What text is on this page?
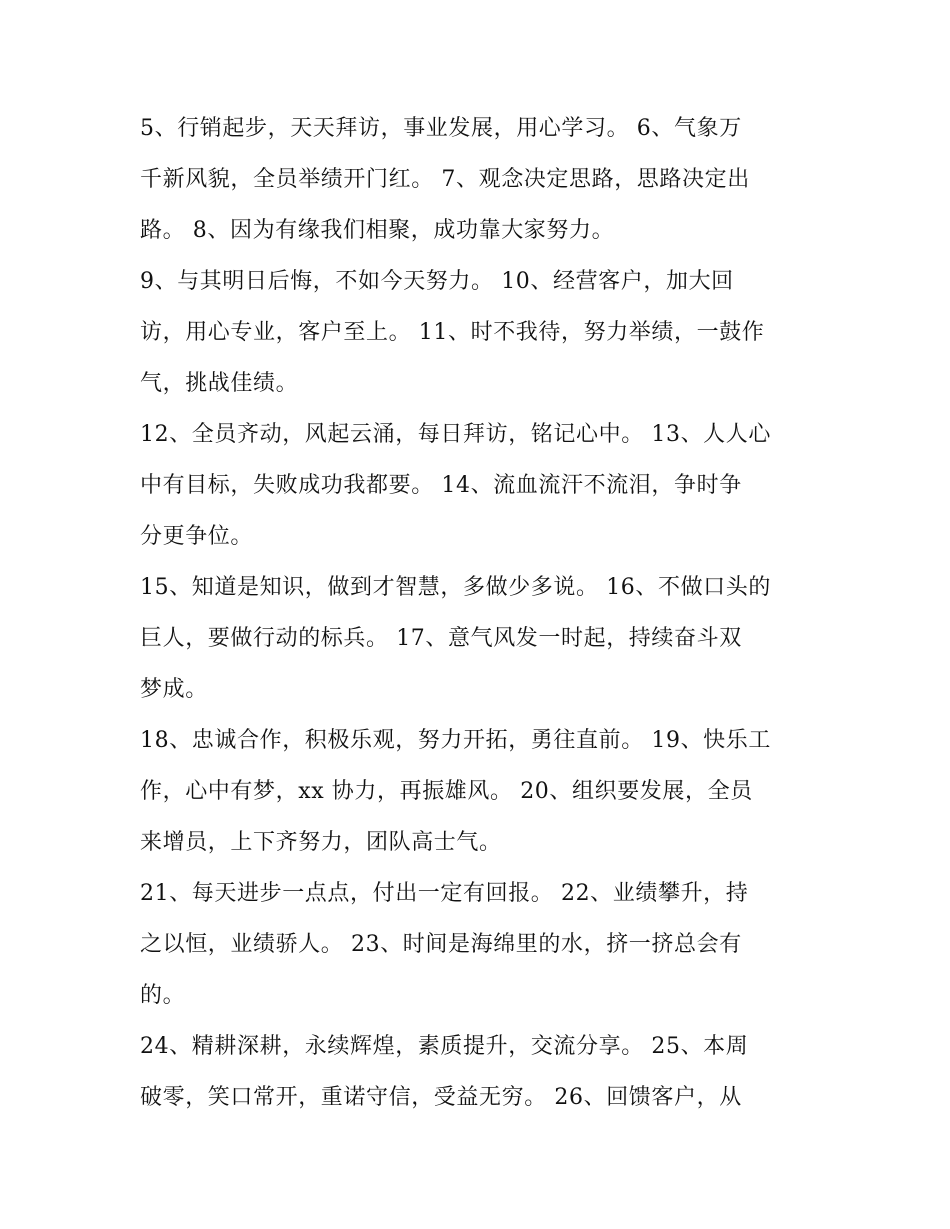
5、行销起步，天天拜访，事业发展，用心学习。 6、气象万
千新风貌，全员举绩开门红。 7、观念决定思路，思路决定出
路。 8、因为有缘我们相聚，成功靠大家努力。
9、与其明日后悔，不如今天努力。 10、经营客户，加大回
访，用心专业，客户至上。 11、时不我待，努力举绩，一鼓作
气，挑战佳绩。
12、全员齐动，风起云涌，每日拜访，铭记心中。 13、人人心
中有目标，失败成功我都要。 14、流血流汗不流泪，争时争
分更争位。
15、知道是知识，做到才智慧，多做少多说。 16、不做口头的
巨人，要做行动的标兵。 17、意气风发一时起，持续奋斗双
梦成。
18、忠诚合作，积极乐观，努力开拓，勇往直前。 19、快乐工
作，心中有梦，xx 协力，再振雄风。 20、组织要发展，全员
来增员，上下齐努力，团队高士气。
21、每天进步一点点，付出一定有回报。 22、业绩攀升，持
之以恒，业绩骄人。 23、时间是海绵里的水，挤一挤总会有
的。
24、精耕深耕，永续辉煌，素质提升，交流分享。 25、本周
破零，笑口常开，重诺守信，受益无穷。 26、回馈客户，从
